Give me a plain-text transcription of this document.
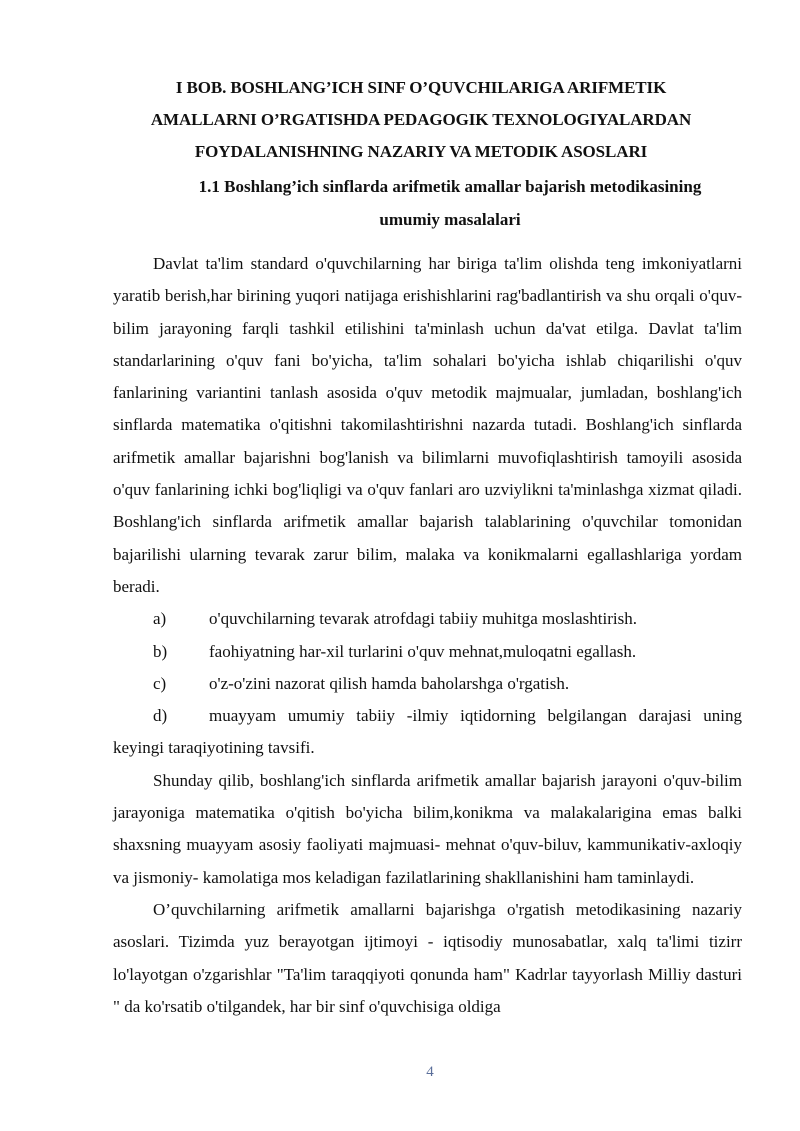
I BOB. BOSHLANG’ICH SINF O’QUVCHILARIGA ARIFMETIK
AMALLARNI O’RGATISHDA PEDAGOGIK TEXNOLOGIYALARDAN
FOYDALANISHNING NAZARIY VA METODIK ASOSLARI
1.1 Boshlang’ich sinflarda arifmetik amallar bajarish metodikasining
umumiy masalalari

Davlat ta'lim standard o'quvchilarning har biriga ta'lim olishda teng imkoniyatlarni yaratib berish,har birining yuqori natijaga erishishlarini rag'badlantirish va shu orqali o'quv- bilim jarayoning farqli tashkil etilishini ta'minlash uchun da'vat etilga. Davlat ta'lim standarlarining o'quv fani bo'yicha, ta'lim sohalari bo'yicha ishlab chiqarilishi o'quv fanlarining variantini tanlash asosida o'quv metodik majmualar, jumladan, boshlang'ich sinflarda matematika o'qitishni takomilashtirishni nazarda tutadi. Boshlang'ich sinflarda arifmetik amallar bajarishni bog'lanish va bilimlarni muvofiqlashtirish tamoyili asosida o'quv fanlarining ichki bog'liqligi va o'quv fanlari aro uzviylikni ta'minlashga xizmat qiladi. Boshlang'ich sinflarda arifmetik amallar bajarish talablarining o'quvchilar tomonidan bajarilishi ularning tevarak zarur bilim, malaka va konikmalarni egallashlariga yordam beradi.

a)	o'quvchilarning tevarak atrofdagi tabiiy muhitga moslashtirish.

b) faohiyatning har-xil turlarini o'quv mehnat,muloqatni egallash.

c)	o'z-o'zini nazorat qilish hamda baholarshga o'rgatish.

d) muayyam umumiy tabiiy -ilmiy iqtidorning belgilangan darajasi uning keyingi taraqiyotining tavsifi.

Shunday qilib, boshlang'ich sinflarda arifmetik amallar bajarish jarayoni o'quv-bilim jarayoniga matematika o'qitish bo'yicha bilim,konikma va malakalarigina emas balki shaxsning muayyam asosiy faoliyati majmuasi- mehnat o'quv-biluv, kammunikativ-axloqiy va jismoniy- kamolatiga mos keladigan fazilatlarining shakllanishini ham taminlaydi.

O’quvchilarning arifmetik amallarni bajarishga o'rgatish metodikasining nazariy asoslari. Tizimda yuz berayotgan ijtimoyi - iqtisodiy munosabatlar, xalq ta'limi tizirr lo'layotgan o'zgarishlar "Ta'lim taraqqiyoti qonunda ham" Kadrlar tayyorlash Milliy dasturi " da ko'rsatib o'tilgandek, har bir sinf o'quvchisiga oldiga

4
